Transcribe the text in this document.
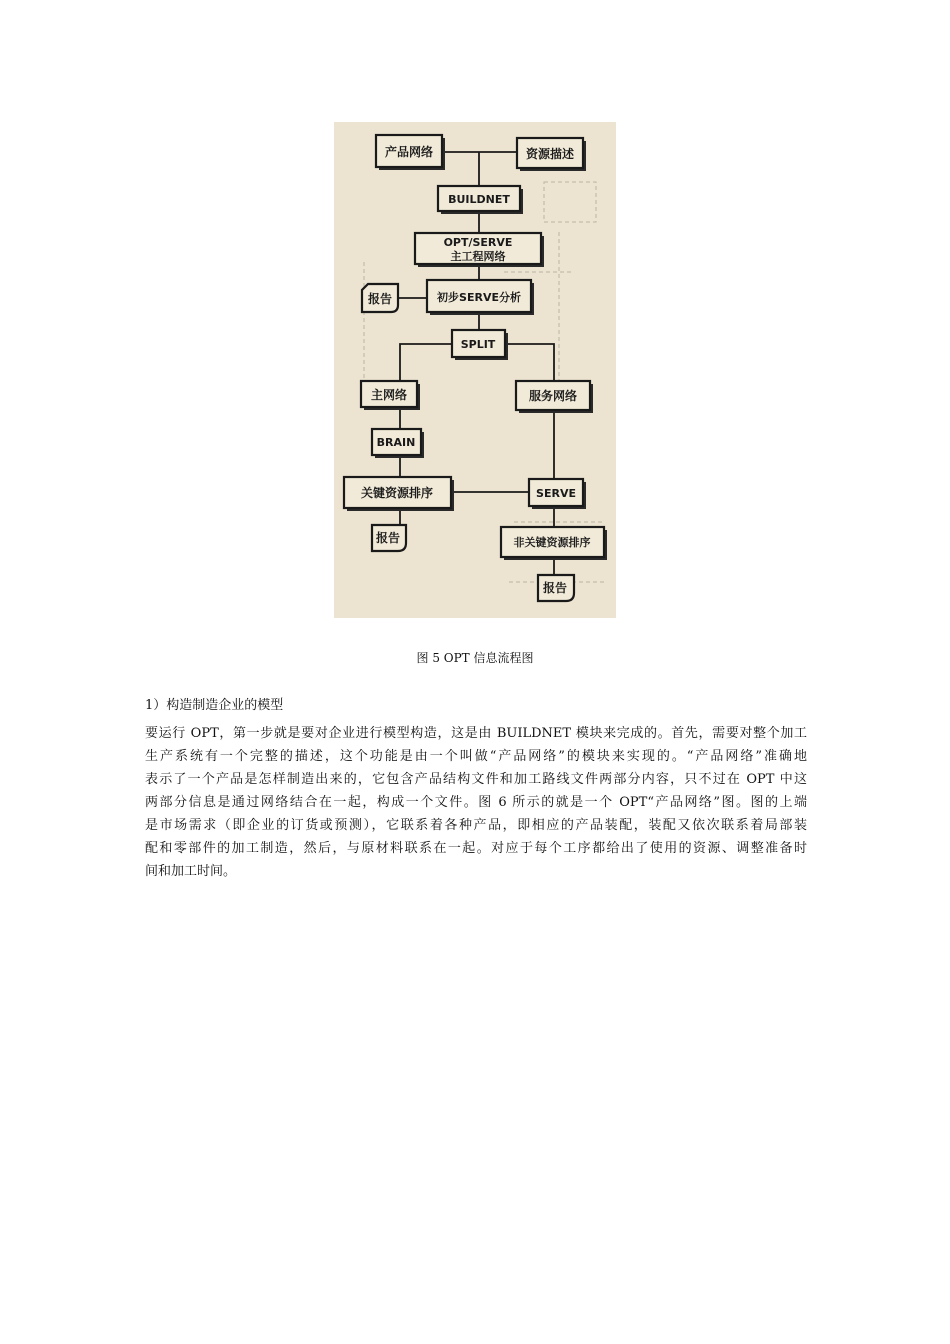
产品网络	资源描述
BUILDNET
OPT/SERVE
主工程网络
报告	初步SERVE分析
SPLIT
主网络	服务网络
BRAIN
关键资源排序	SERVE
报告	非关键资源排序
报告
图 5 OPT 信息流程图
1）构造制造企业的模型
要运行 OPT，第一步就是要对企业进行模型构造，这是由 BUILDNET 模块来完成的。首先，需要对整个加工
生产系统有一个完整的描述，这个功能是由一个叫做“产品网络”的模块来实现的。“产品网络”准确地
表示了一个产品是怎样制造出来的，它包含产品结构文件和加工路线文件两部分内容，只不过在 OPT 中这
两部分信息是通过网络结合在一起，构成一个文件。图 6 所示的就是一个 OPT“产品网络”图。图的上端
是市场需求（即企业的订货或预测），它联系着各种产品，即相应的产品装配，装配又依次联系着局部装
配和零部件的加工制造，然后，与原材料联系在一起。对应于每个工序都给出了使用的资源、调整准备时
间和加工时间。
